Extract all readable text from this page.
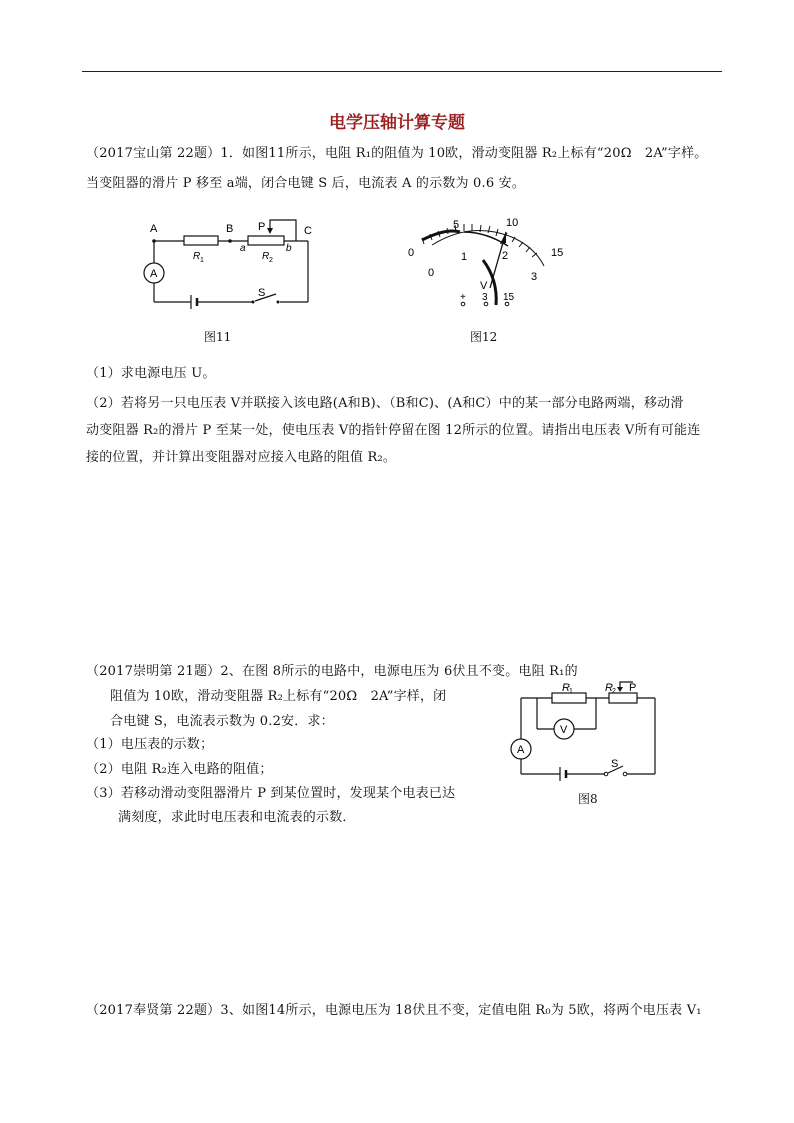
电学压轴计算专题
（2017宝山第 22题）1．如图11所示，电阻 R₁的阻值为 10欧，滑动变阻器 R₂上标有“20Ω　2A”字样。
当变阻器的滑片 P 移至 a端，闭合电键 S 后，电流表 A 的示数为 0.6 安。
A	B	C
P
a	b
R 1	R 2
A
S
图11
0
5	10
15
0
1	2
3
V
+ 3 15
图12
（1）求电源电压 U。
（2）若将另一只电压表 V并联接入该电路(A和B)、（B和C)、(A和C）中的某一部分电路两端，移动滑
动变阻器 R₂的滑片 P 至某一处，使电压表 V的指针停留在图 12所示的位置。请指出电压表 V所有可能连
接的位置，并计算出变阻器对应接入电路的阻值 R₂。
（2017崇明第 21题）2、在图 8所示的电路中，电源电压为 6伏且不变。电阻 R₁的
阻值为 10欧，滑动变阻器 R₂上标有“20Ω　2A”字样，闭
合电键 S，电流表示数为 0.2安．求：
（1）电压表的示数；
（2）电阻 R₂连入电路的阻值；
（3）若移动滑动变阻器滑片 P 到某位置时，发现某个电表已达
满刻度，求此时电压表和电流表的示数．
R 1	R 2 P
V
A
S
图8
（2017奉贤第 22题）3、如图14所示，电源电压为 18伏且不变，定值电阻 R₀为 5欧，将两个电压表 V₁
